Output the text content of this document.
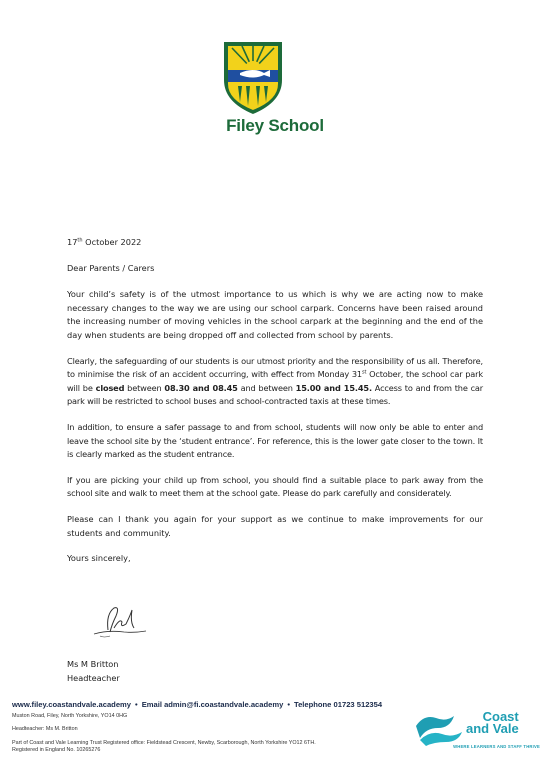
Filey School

17th October 2022

Dear Parents / Carers

Your child’s safety is of the utmost importance to us which is why we are acting now to make necessary changes to the way we are using our school carpark. Concerns have been raised around the increasing number of moving vehicles in the school carpark at the beginning and the end of the day when students are being dropped off and collected from school by parents.

Clearly, the safeguarding of our students is our utmost priority and the responsibility of us all. Therefore, to minimise the risk of an accident occurring, with effect from Monday 31st October, the school car park will be closed between 08.30 and 08.45 and between 15.00 and 15.45. Access to and from the car park will be restricted to school buses and school-contracted taxis at these times.

In addition, to ensure a safer passage to and from school, students will now only be able to enter and leave the school site by the ‘student entrance’. For reference, this is the lower gate closer to the town. It is clearly marked as the student entrance.

If you are picking your child up from school, you should find a suitable place to park away from the school site and walk to meet them at the school gate. Please do park carefully and considerately.

Please can I thank you again for your support as we continue to make improvements for our students and community.

Yours sincerely,

Ms M Britton
Headteacher
www.filey.coastandvale.academy • Email admin@fi.coastandvale.academy • Telephone 01723 512354
Muston Road, Filey, North Yorkshire, YO14 0HG
Headteacher: Ms M. Britton
Part of Coast and Vale Learning Trust Registered office: Fieldstead Crescent, Newby, Scarborough, North Yorkshire YO12 6TH.
Registered in England No. 10265276
Coast
and Vale
WHERE LEARNERS AND STAFF THRIVE
